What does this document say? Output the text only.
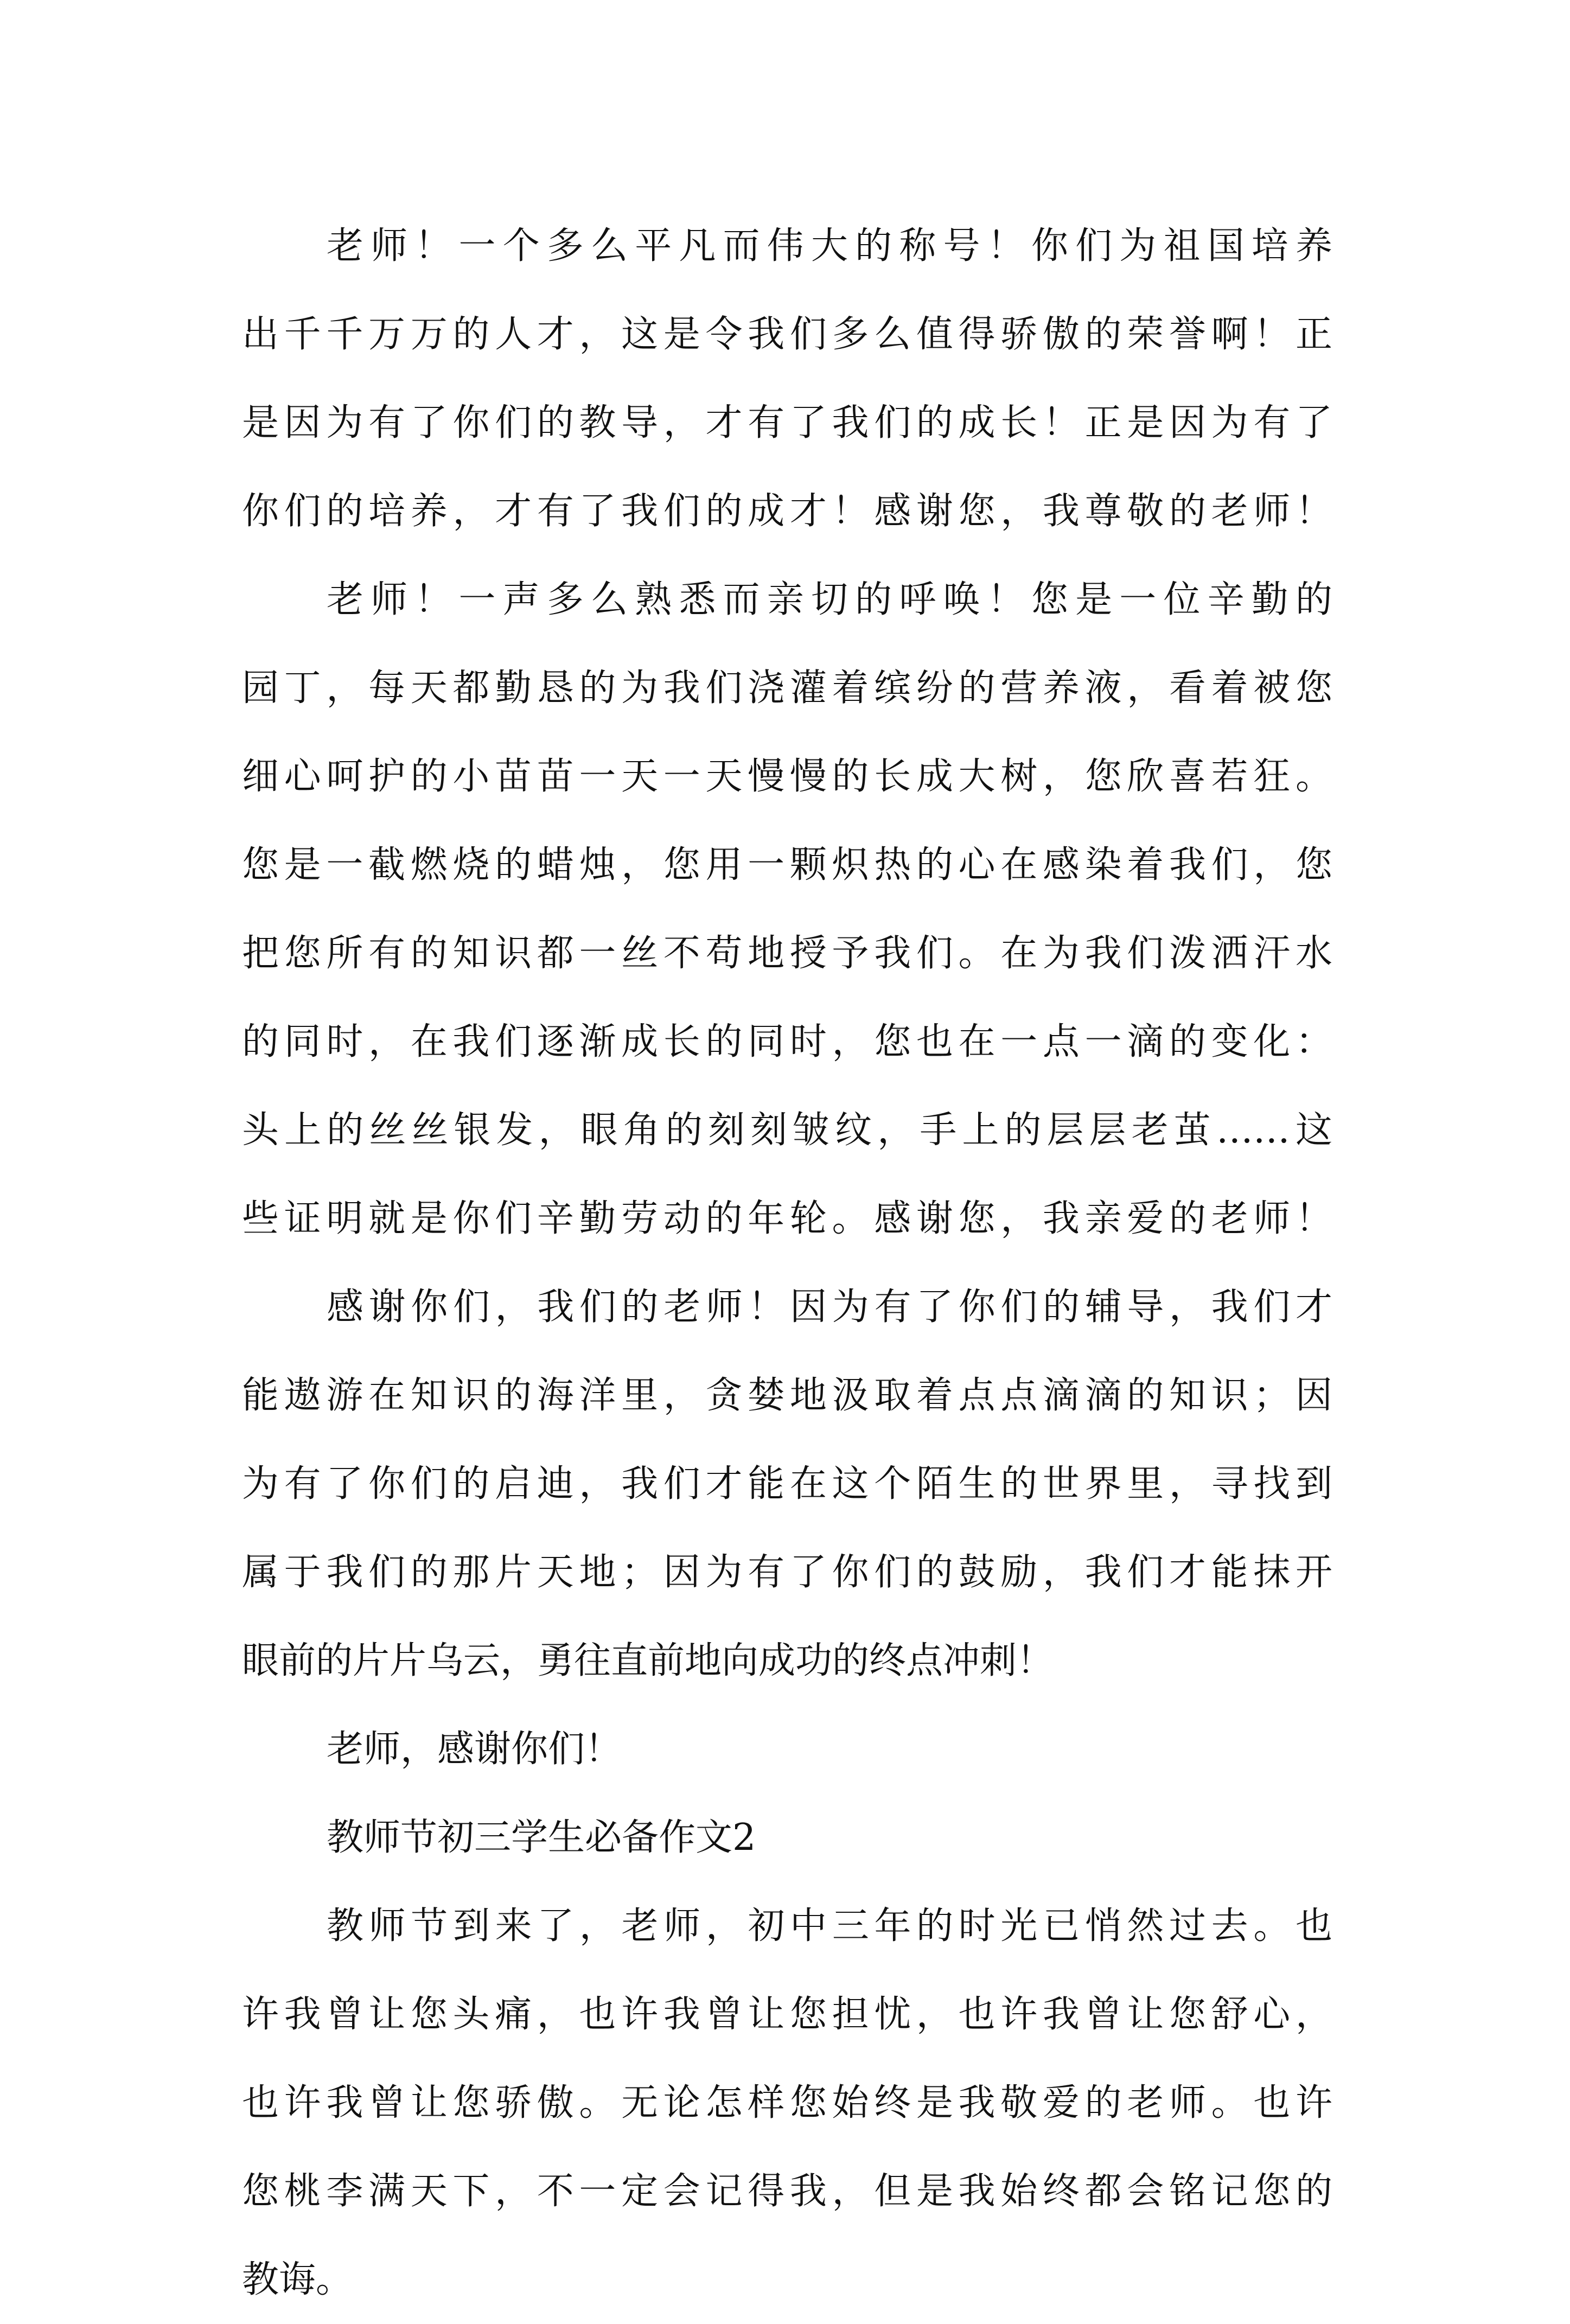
老师！一个多么平凡而伟大的称号！你们为祖国培养
出千千万万的人才，这是令我们多么值得骄傲的荣誉啊！正
是因为有了你们的教导，才有了我们的成长！正是因为有了
你们的培养，才有了我们的成才！感谢您，我尊敬的老师！
老师！一声多么熟悉而亲切的呼唤！您是一位辛勤的
园丁，每天都勤恳的为我们浇灌着缤纷的营养液，看着被您
细心呵护的小苗苗一天一天慢慢的长成大树，您欣喜若狂。
您是一截燃烧的蜡烛，您用一颗炽热的心在感染着我们，您
把您所有的知识都一丝不苟地授予我们。在为我们泼洒汗水
的同时，在我们逐渐成长的同时，您也在一点一滴的变化：
头上的丝丝银发，眼角的刻刻皱纹，手上的层层老茧……这
些证明就是你们辛勤劳动的年轮。感谢您，我亲爱的老师！
感谢你们，我们的老师！因为有了你们的辅导，我们才
能遨游在知识的海洋里，贪婪地汲取着点点滴滴的知识；因
为有了你们的启迪，我们才能在这个陌生的世界里，寻找到
属于我们的那片天地；因为有了你们的鼓励，我们才能抹开
眼前的片片乌云，勇往直前地向成功的终点冲刺！
老师，感谢你们！
教师节初三学生必备作文2
教师节到来了，老师，初中三年的时光已悄然过去。也
许我曾让您头痛，也许我曾让您担忧，也许我曾让您舒心，
也许我曾让您骄傲。无论怎样您始终是我敬爱的老师。也许
您桃李满天下，不一定会记得我，但是我始终都会铭记您的
教诲。
